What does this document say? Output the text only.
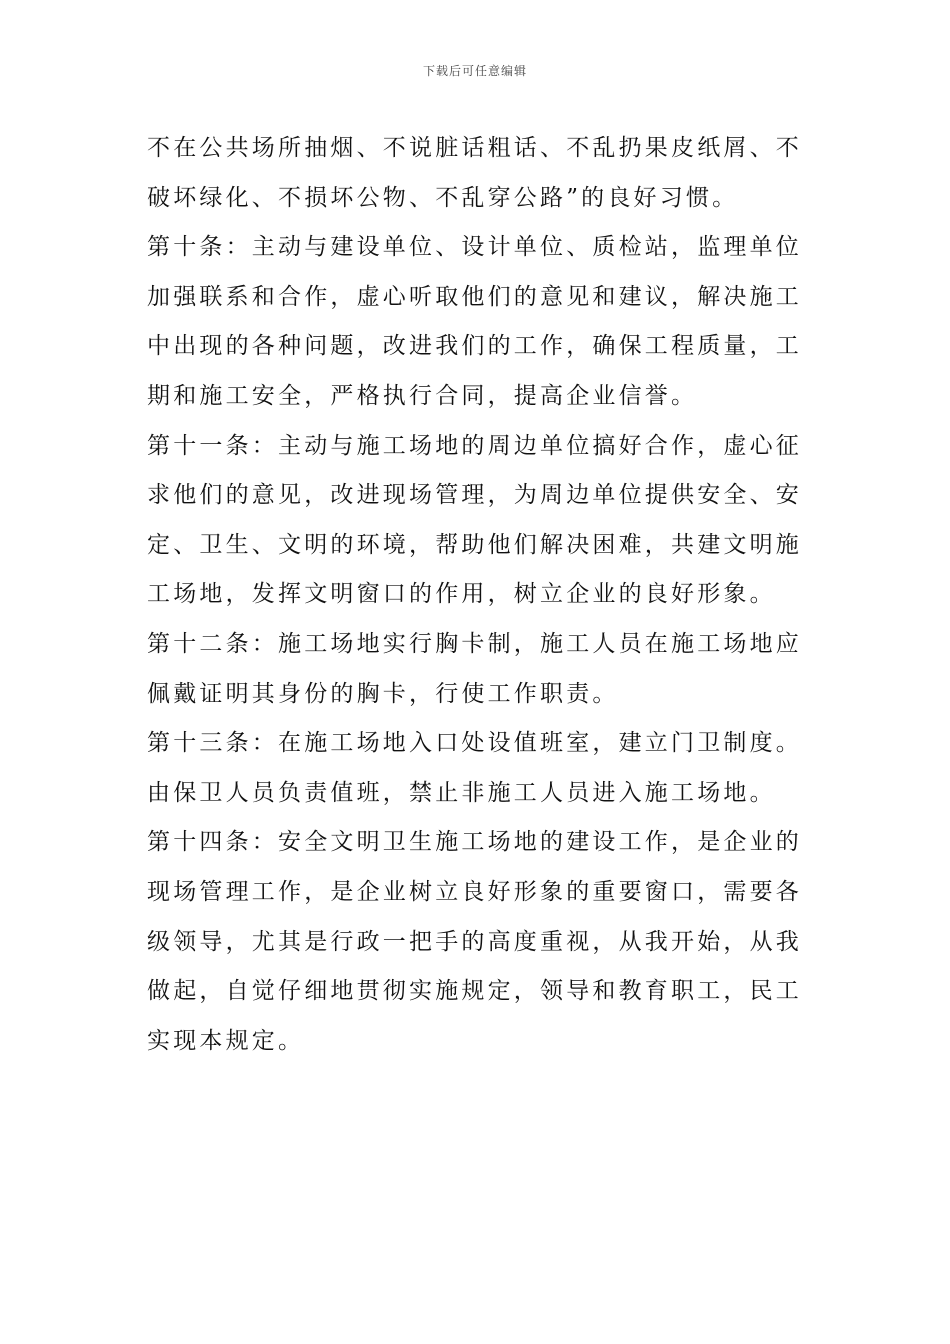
下载后可任意编辑
不在公共场所抽烟、不说脏话粗话、不乱扔果皮纸屑、不
破坏绿化、不损坏公物、不乱穿公路”的良好习惯。
第十条：主动与建设单位、设计单位、质检站，监理单位
加强联系和合作，虚心听取他们的意见和建议，解决施工
中出现的各种问题，改进我们的工作，确保工程质量，工
期和施工安全，严格执行合同，提高企业信誉。
第十一条：主动与施工场地的周边单位搞好合作，虚心征
求他们的意见，改进现场管理，为周边单位提供安全、安
定、卫生、文明的环境，帮助他们解决困难，共建文明施
工场地，发挥文明窗口的作用，树立企业的良好形象。
第十二条：施工场地实行胸卡制，施工人员在施工场地应
佩戴证明其身份的胸卡，行使工作职责。
第十三条：在施工场地入口处设值班室，建立门卫制度。
由保卫人员负责值班，禁止非施工人员进入施工场地。
第十四条：安全文明卫生施工场地的建设工作，是企业的
现场管理工作，是企业树立良好形象的重要窗口，需要各
级领导，尤其是行政一把手的高度重视，从我开始，从我
做起，自觉仔细地贯彻实施规定，领导和教育职工，民工
实现本规定。
